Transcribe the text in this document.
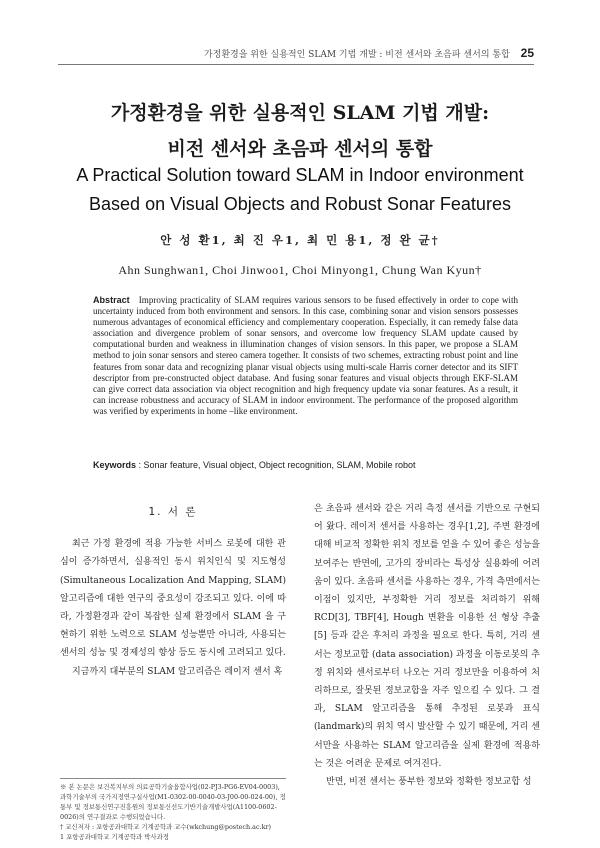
가정환경을 위한 실용적인 SLAM 기법 개발 : 비전 센서와 초음파 센서의 통합 25
가정환경을 위한 실용적인 SLAM 기법 개발:
비전 센서와 초음파 센서의 통합
A Practical Solution toward SLAM in Indoor environment
Based on Visual Objects and Robust Sonar Features
안 성 환1, 최 진 우1, 최 민 용1, 정 완 균†
Ahn Sunghwan1, Choi Jinwoo1, Choi Minyong1, Chung Wan Kyun†
Abstract Improving practicality of SLAM requires various sensors to be fused effectively in order to cope with uncertainty induced from both environment and sensors. In this case, combining sonar and vision sensors possesses numerous advantages of economical efficiency and complementary cooperation. Especially, it can remedy false data association and divergence problem of sonar sensors, and overcome low frequency SLAM update caused by computational burden and weakness in illumination changes of vision sensors. In this paper, we propose a SLAM method to join sonar sensors and stereo camera together. It consists of two schemes, extracting robust point and line features from sonar data and recognizing planar visual objects using multi-scale Harris corner detector and its SIFT descriptor from pre-constructed object database. And fusing sonar features and visual objects through EKF-SLAM can give correct data association via object recognition and high frequency update via sonar features. As a result, it can increase robustness and accuracy of SLAM in indoor environment. The performance of the proposed algorithm was verified by experiments in home –like environment.
Keywords : Sonar feature, Visual object, Object recognition, SLAM, Mobile robot
1. 서 론

최근 가정 환경에 적용 가능한 서비스 로봇에 대한 관심이 증가하면서, 실용적인 동시 위치인식 및 지도형성(Simultaneous Localization And Mapping, SLAM) 알고리즘에 대한 연구의 중요성이 강조되고 있다. 이에 따라, 가정환경과 같이 복잡한 실제 환경에서 SLAM 을 구현하기 위한 노력으로 SLAM 성능뿐만 아니라, 사용되는 센서의 성능 및 경제성의 향상 등도 동시에 고려되고 있다.

지금까지 대부분의 SLAM 알고리즘은 레이저 센서 혹

은 초음파 센서와 같은 거리 측정 센서를 기반으로 구현되어 왔다. 레이저 센서를 사용하는 경우[1,2], 주변 환경에 대해 비교적 정확한 위치 정보를 얻을 수 있어 좋은 성능을 보여주는 반면에, 고가의 장비라는 특성상 실용화에 어려움이 있다. 초음파 센서를 사용하는 경우, 가격 측면에서는 이점이 있지만, 부정확한 거리 정보를 처리하기 위해 RCD[3], TBF[4], Hough 변환을 이용한 선 형상 추출[5] 등과 같은 후처리 과정을 필요로 한다. 특히, 거리 센서는 정보교합 (data association) 과정을 이동로봇의 추정 위치와 센서로부터 나오는 거리 정보만을 이용하여 처리하므로, 잘못된 정보교합을 자주 일으킬 수 있다. 그 결과, SLAM 알고리즘을 통해 추정된 로봇과 표식 (landmark)의 위치 역시 발산할 수 있기 때문에, 거리 센서만을 사용하는 SLAM 알고리즘을 실제 환경에 적용하는 것은 어려운 문제로 여겨진다.

반면, 비전 센서는 풍부한 정보와 정확한 정보교합 성

※ 본 논문은 보건복지부의 의료공학기술융합사업(02-PJ3-PG6-EV04-0003), 과학기술부의 국가지정연구실사업(M1-0302-00-0040-03-J00-00-024-00), 정통부 및 정보통신연구진흥원의 정보통신선도기반기술개발사업(A1100-0602-0026)의 연구결과로 수행되었습니다.

† 교신저자 : 포항공과대학교 기계공학과 교수(wkchung@postech.ac.kr)

1 포항공과대학교 기계공학과 박사과정
